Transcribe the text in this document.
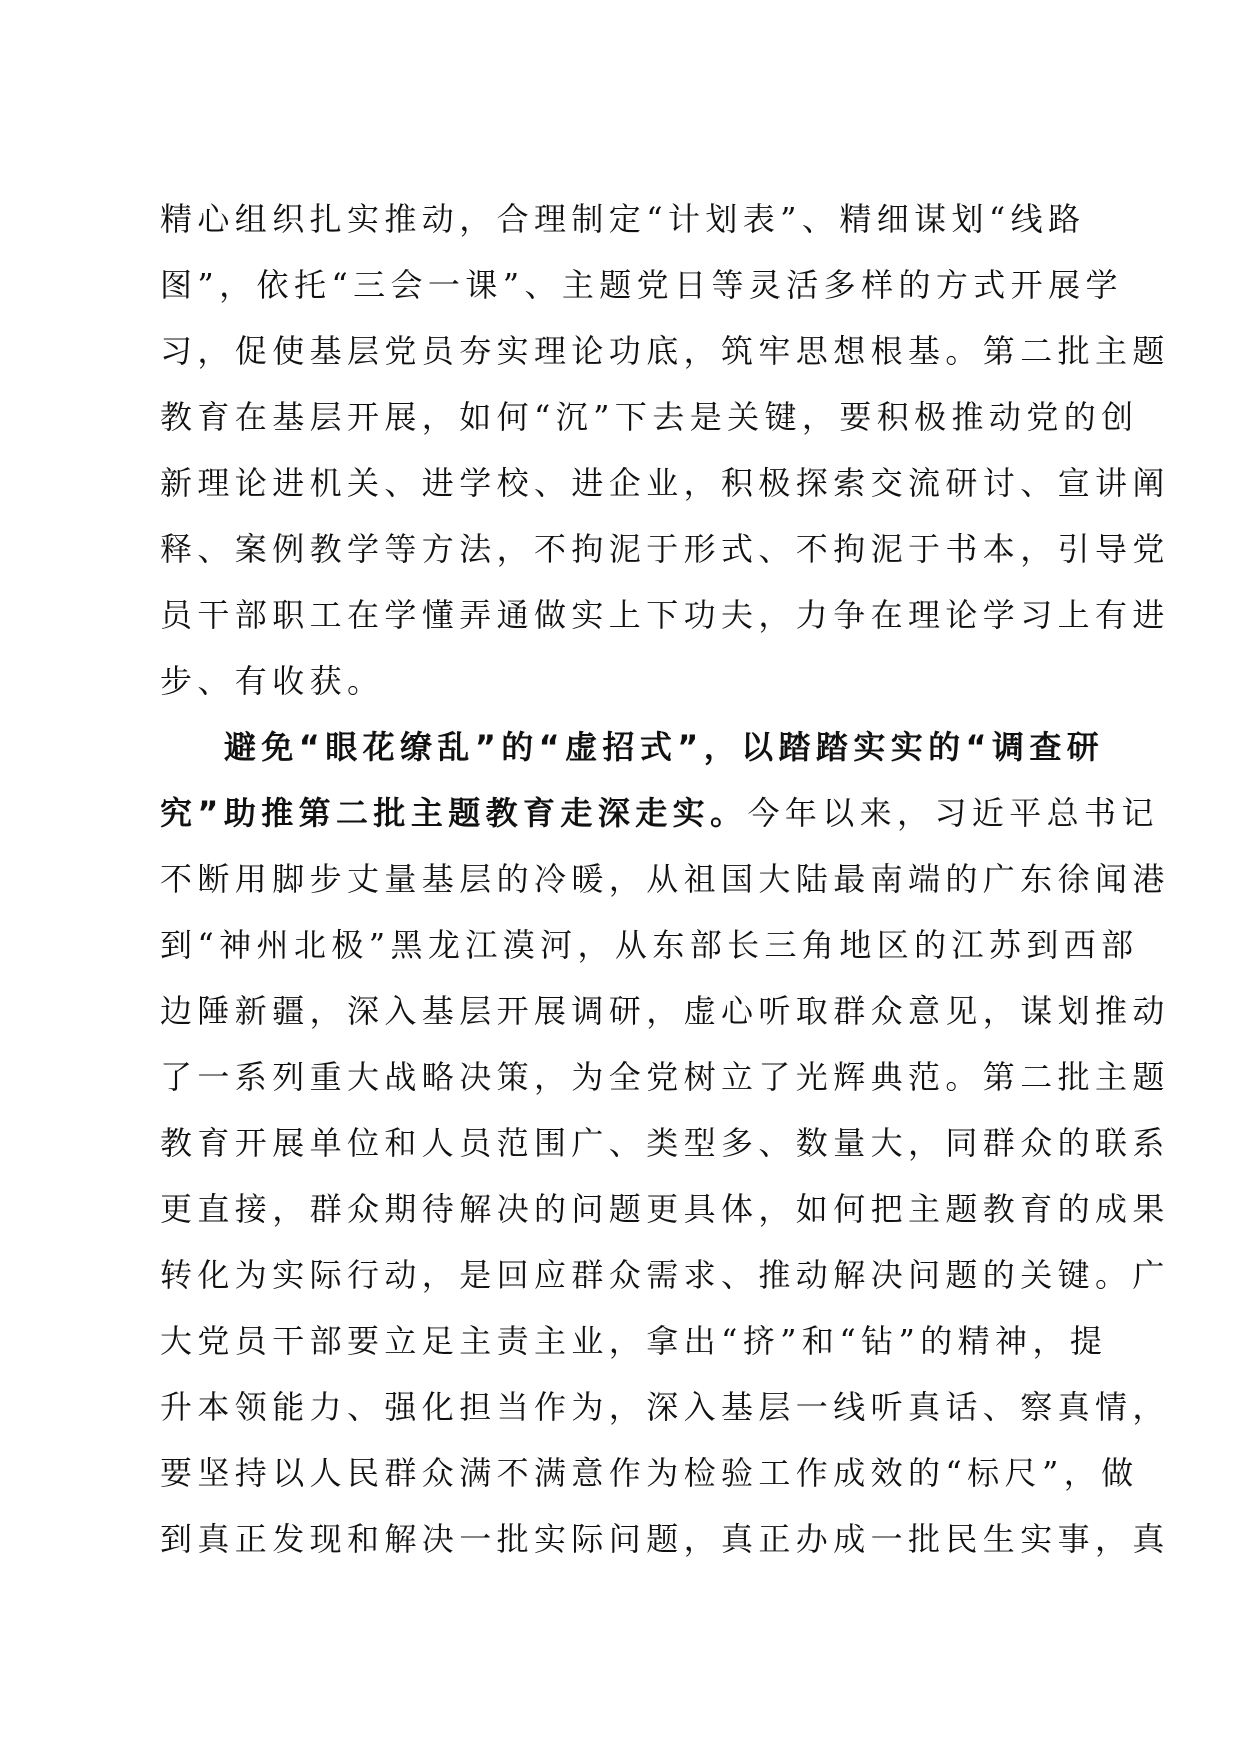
精心组织扎实推动，合理制定“计划表”、精细谋划“线路
图”，依托“三会一课”、主题党日等灵活多样的方式开展学
习，促使基层党员夯实理论功底，筑牢思想根基。第二批主题
教育在基层开展，如何“沉”下去是关键，要积极推动党的创
新理论进机关、进学校、进企业，积极探索交流研讨、宣讲阐
释、案例教学等方法，不拘泥于形式、不拘泥于书本，引导党
员干部职工在学懂弄通做实上下功夫，力争在理论学习上有进
步、有收获。
避免“眼花缭乱”的“虚招式”，以踏踏实实的“调查研
究”助推第二批主题教育走深走实。今年以来，习近平总书记
不断用脚步丈量基层的冷暖，从祖国大陆最南端的广东徐闻港
到“神州北极”黑龙江漠河，从东部长三角地区的江苏到西部
边陲新疆，深入基层开展调研，虚心听取群众意见，谋划推动
了一系列重大战略决策，为全党树立了光辉典范。第二批主题
教育开展单位和人员范围广、类型多、数量大，同群众的联系
更直接，群众期待解决的问题更具体，如何把主题教育的成果
转化为实际行动，是回应群众需求、推动解决问题的关键。广
大党员干部要立足主责主业，拿出“挤”和“钻”的精神，提
升本领能力、强化担当作为，深入基层一线听真话、察真情，
要坚持以人民群众满不满意作为检验工作成效的“标尺”，做
到真正发现和解决一批实际问题，真正办成一批民生实事，真
